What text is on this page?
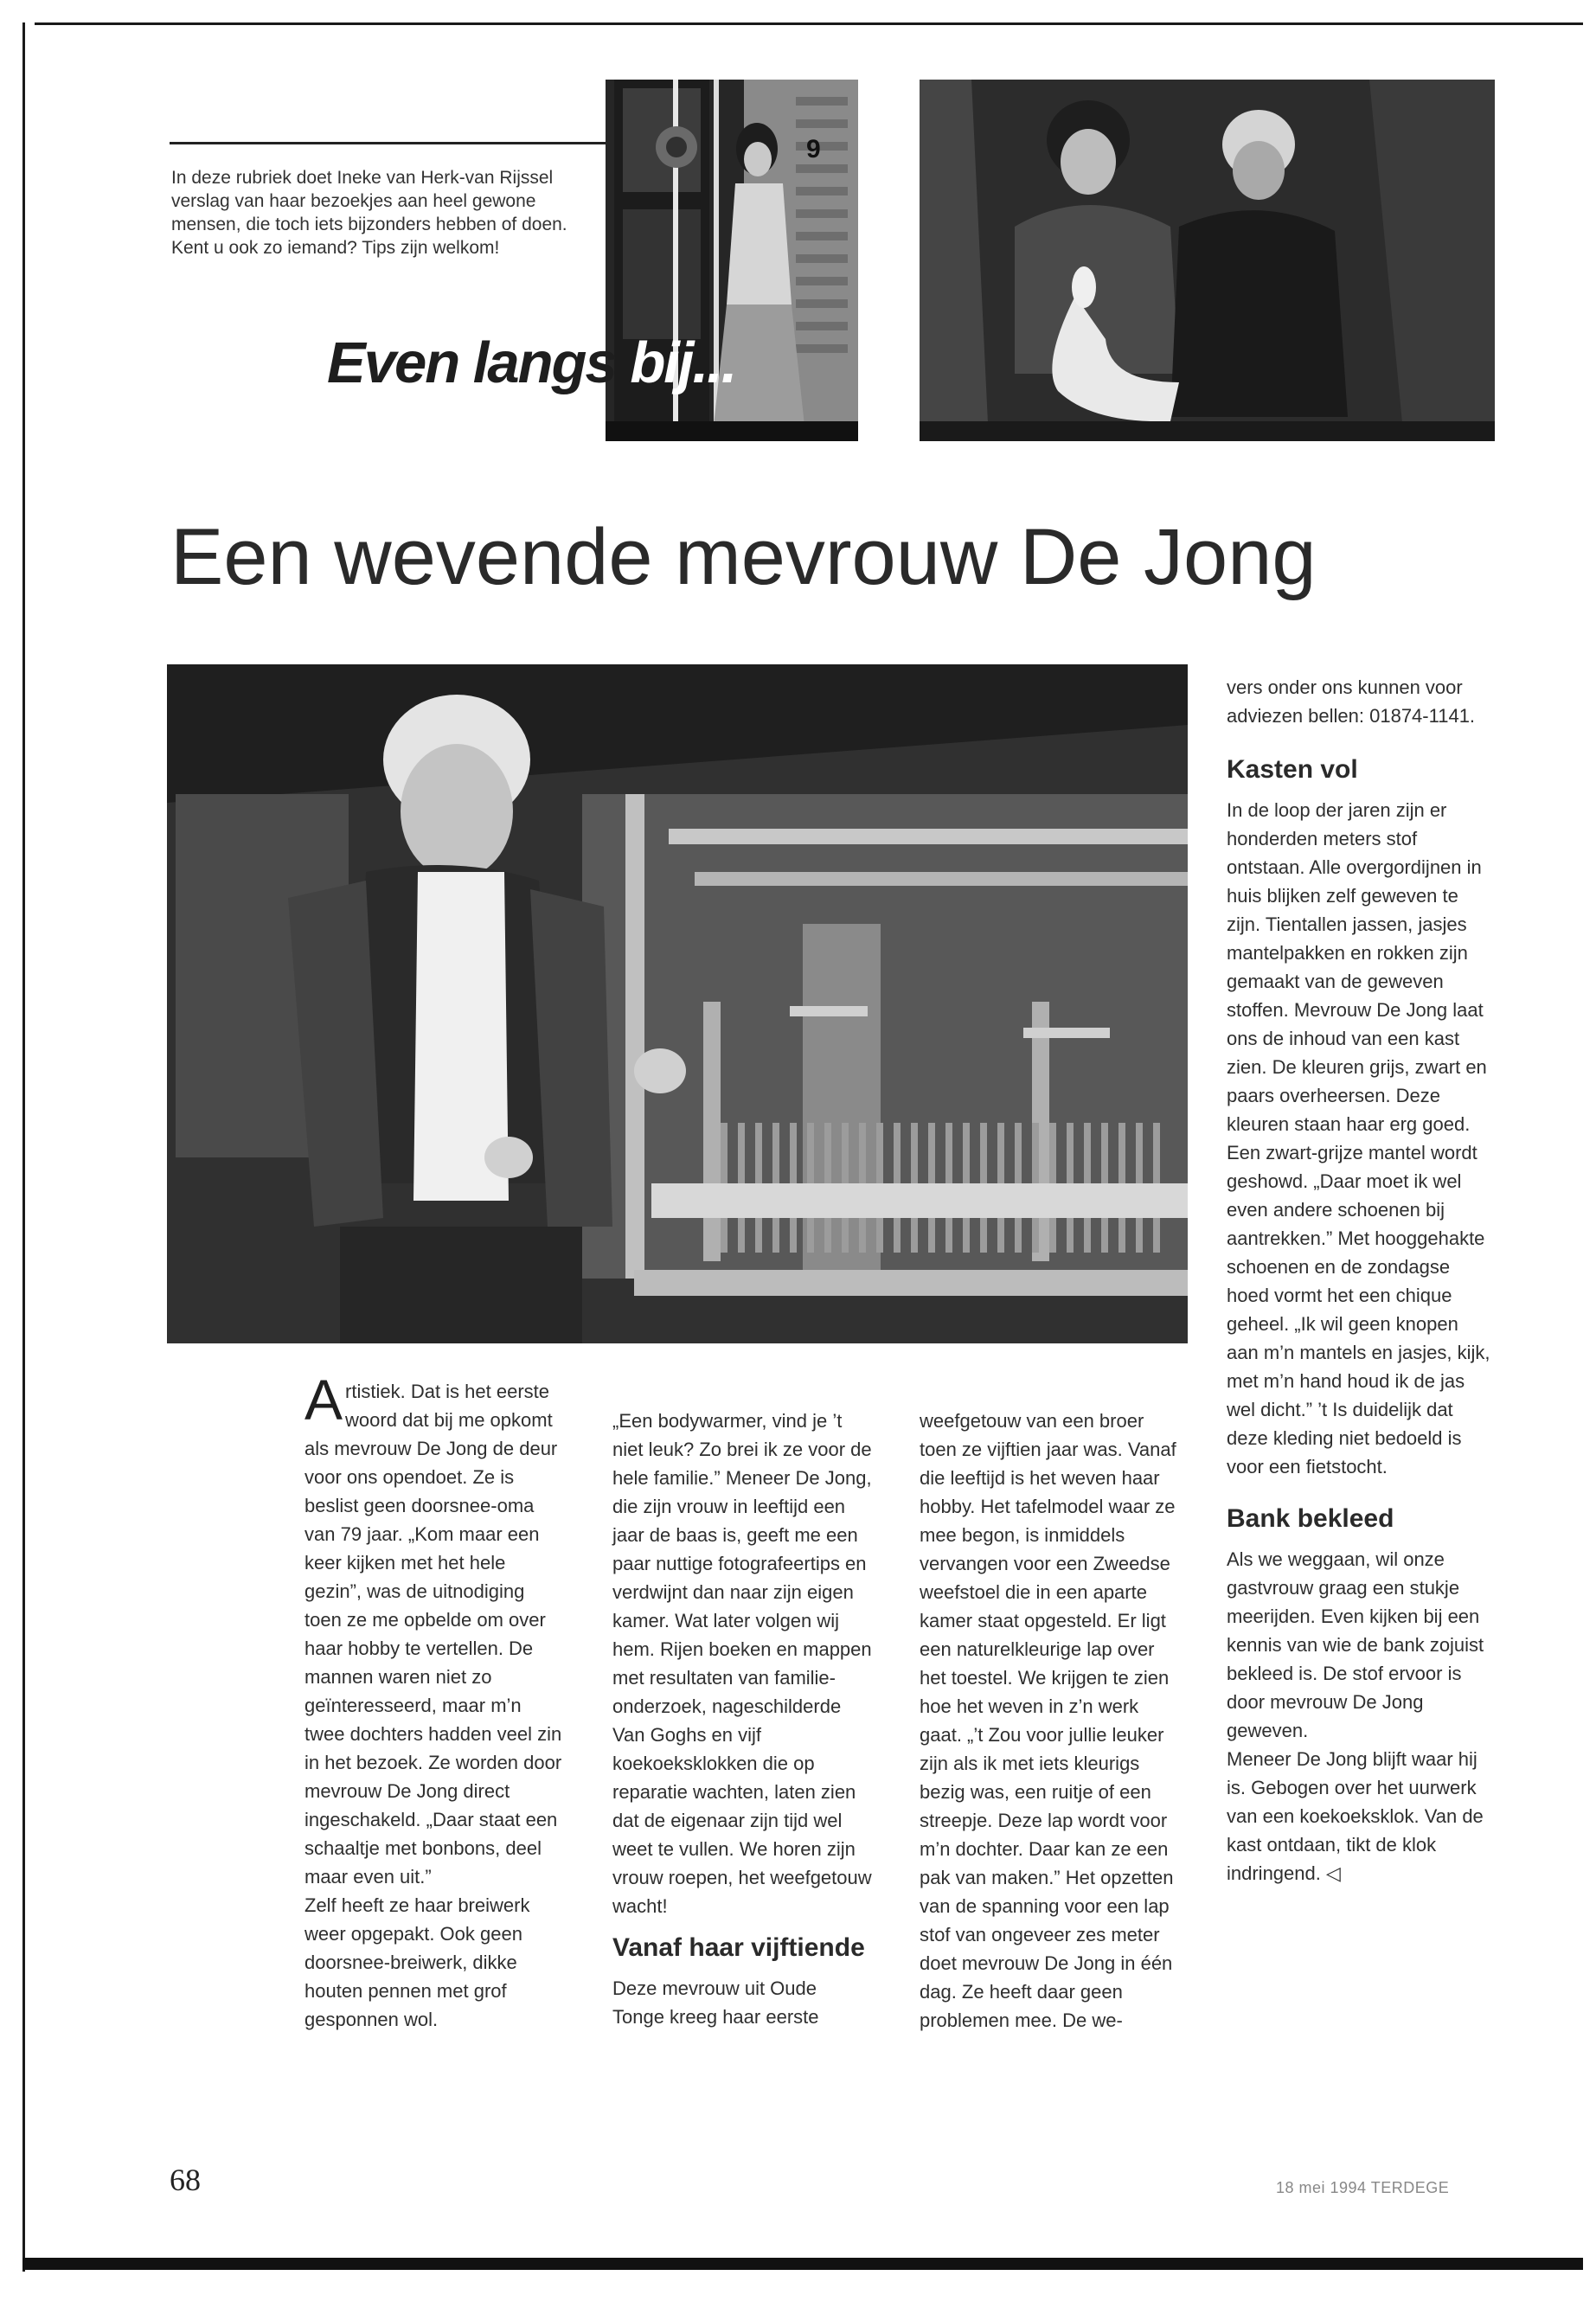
In deze rubriek doet Ineke van Herk-van Rijssel verslag van haar bezoekjes aan heel gewone mensen, die toch iets bijzonders hebben of doen. Kent u ook zo iemand? Tips zijn welkom!

9
Even langs bij...
Een wevende mevrouw De Jong

Artistiek. Dat is het eerste woord dat bij me opkomt als mevrouw De Jong de deur voor ons opendoet. Ze is beslist geen doorsnee-oma van 79 jaar. „Kom maar een keer kijken met het hele gezin”, was de uitnodiging toen ze me opbelde om over haar hobby te vertellen. De mannen waren niet zo geïnteresseerd, maar m’n twee dochters hadden veel zin in het bezoek. Ze worden door mevrouw De Jong direct ingeschakeld. „Daar staat een schaaltje met bonbons, deel maar even uit.”

Zelf heeft ze haar breiwerk weer opgepakt. Ook geen doorsnee-breiwerk, dikke houten pennen met grof gesponnen wol.

„Een bodywarmer, vind je ’t niet leuk? Zo brei ik ze voor de hele familie.” Meneer De Jong, die zijn vrouw in leeftijd een jaar de baas is, geeft me een paar nuttige fotografeertips en verdwijnt dan naar zijn eigen kamer. Wat later volgen wij hem. Rijen boeken en mappen met resultaten van familie-onderzoek, nageschilderde Van Goghs en vijf koekoeksklokken die op reparatie wachten, laten zien dat de eigenaar zijn tijd wel weet te vullen. We horen zijn vrouw roepen, het weefgetouw wacht!

Vanaf haar vijftiende

Deze mevrouw uit Oude Tonge kreeg haar eerste

weefgetouw van een broer toen ze vijftien jaar was. Vanaf die leeftijd is het weven haar hobby. Het tafelmodel waar ze mee begon, is inmiddels vervangen voor een Zweedse weefstoel die in een aparte kamer staat opgesteld. Er ligt een naturelkleurige lap over het toestel. We krijgen te zien hoe het weven in z’n werk gaat. „’t Zou voor jullie leuker zijn als ik met iets kleurigs bezig was, een ruitje of een streepje. Deze lap wordt voor m’n dochter. Daar kan ze een pak van maken.” Het opzetten van de spanning voor een lap stof van ongeveer zes meter doet mevrouw De Jong in één dag. Ze heeft daar geen problemen mee. De we-

vers onder ons kunnen voor adviezen bellen: 01874-1141.

Kasten vol

In de loop der jaren zijn er honderden meters stof ontstaan. Alle overgordijnen in huis blijken zelf geweven te zijn. Tientallen jassen, jasjes mantelpakken en rokken zijn gemaakt van de geweven stoffen. Mevrouw De Jong laat ons de inhoud van een kast zien. De kleuren grijs, zwart en paars overheersen. Deze kleuren staan haar erg goed. Een zwart-grijze mantel wordt geshowd. „Daar moet ik wel even andere schoenen bij aantrekken.” Met hooggehakte schoenen en de zondagse hoed vormt het een chique geheel. „Ik wil geen knopen aan m’n mantels en jasjes, kijk, met m’n hand houd ik de jas wel dicht.” ’t Is duidelijk dat deze kleding niet bedoeld is voor een fietstocht.

Bank bekleed

Als we weggaan, wil onze gastvrouw graag een stukje meerijden. Even kijken bij een kennis van wie de bank zojuist bekleed is. De stof ervoor is door mevrouw De Jong geweven.

Meneer De Jong blijft waar hij is. Gebogen over het uurwerk van een koekoeksklok. Van de kast ontdaan, tikt de klok indringend. ◁

68	18 mei 1994 TERDEGE
